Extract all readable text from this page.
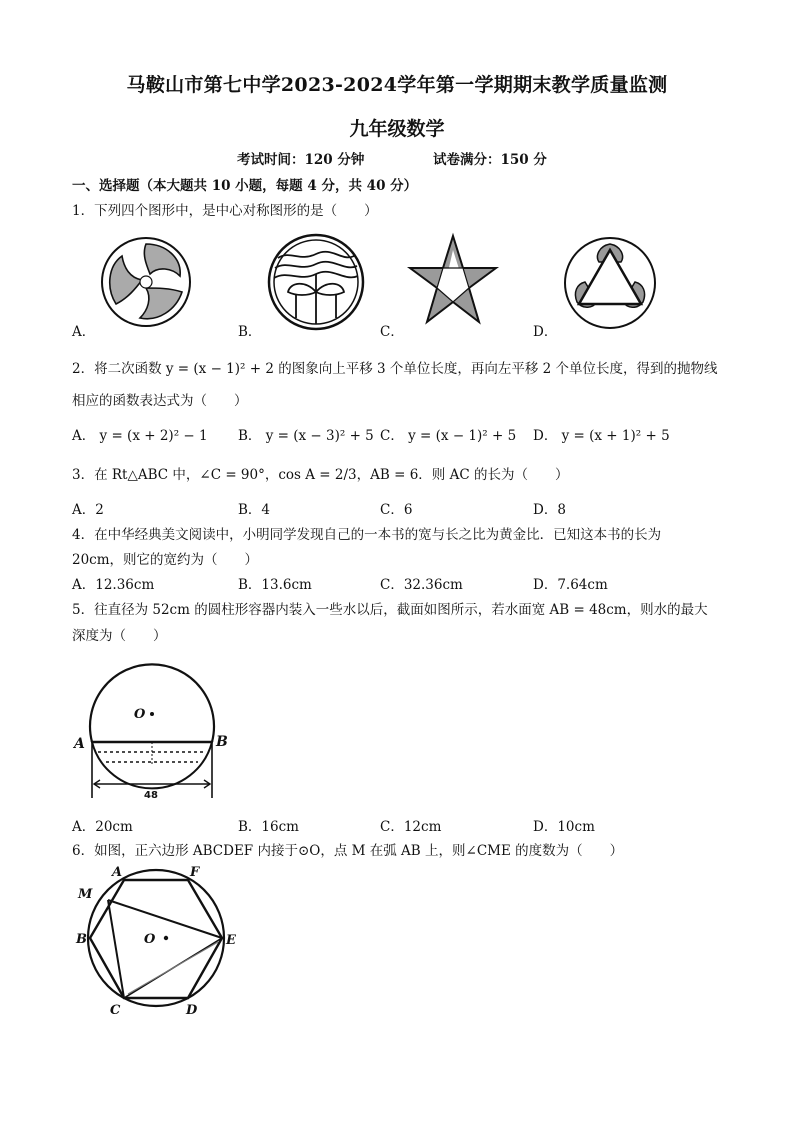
马鞍山市第七中学2023-2024学年第一学期期末教学质量监测
九年级数学
考试时间：120 分钟	试卷满分：150 分
一、选择题（本大题共 10 小题，每题 4 分，共 40 分）
1．下列四个图形中，是中心对称图形的是（　　）
A．	B．	C．	D．
2．将二次函数 y = (x − 1)² + 2 的图象向上平移 3 个单位长度，再向左平移 2 个单位长度，得到的抛物线
相应的函数表达式为（　　）
A． y = (x + 2)² − 1 B． y = (x − 3)² + 5 C． y = (x − 1)² + 5 D． y = (x + 1)² + 5
3．在 Rt△ABC 中，∠C = 90°，cos A = 2/3，AB = 6．则 AC 的长为（　　）
A．2	B．4	C．6	D．8
4．在中华经典美文阅读中，小明同学发现自己的一本书的宽与长之比为黄金比．已知这本书的长为
20cm，则它的宽约为（　　）
A．12.36cm	B．13.6cm	C．32.36cm	D．7.64cm
5．往直径为 52cm 的圆柱形容器内装入一些水以后，截面如图所示，若水面宽 AB = 48cm，则水的最大
深度为（　　）
O
A	B
48
A．20cm	B．16cm	C．12cm	D．10cm
6．如图，正六边形 ABCDEF 内接于⊙O，点 M 在弧 AB 上，则∠CME 的度数为（　　）
M
A	F
B	E
C	D
O
